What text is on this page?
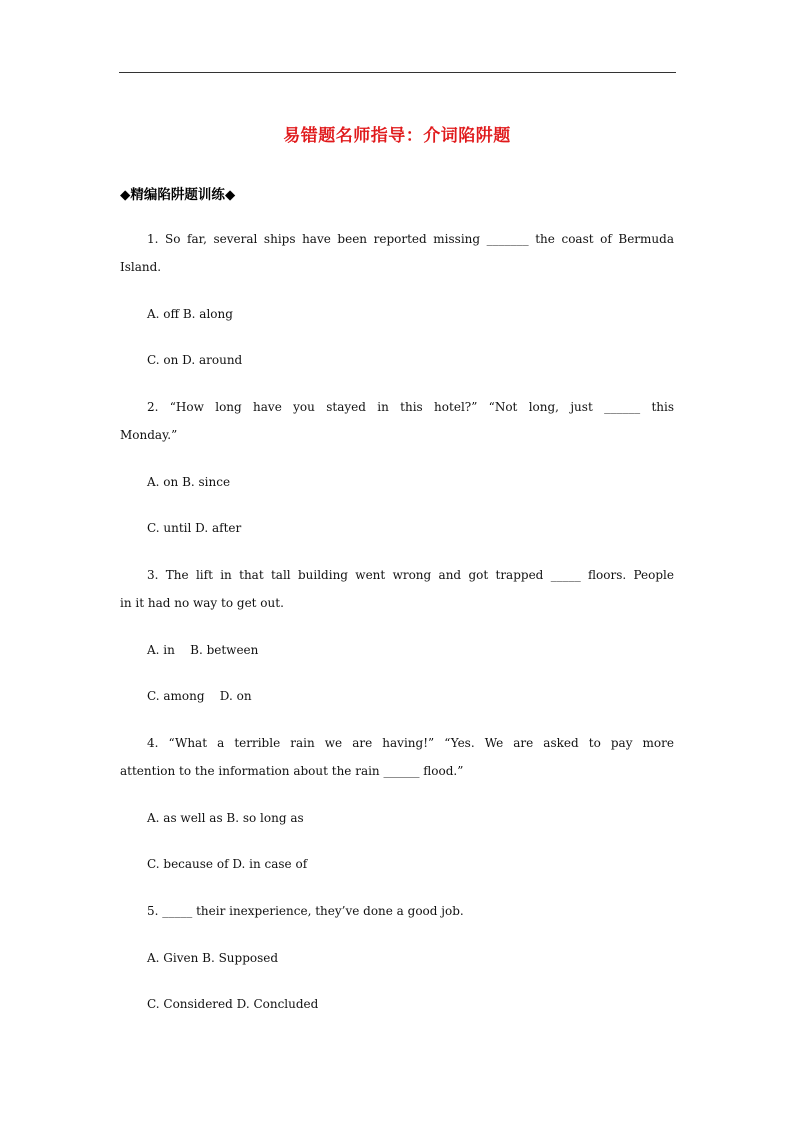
易错题名师指导：介词陷阱题
◆精编陷阱题训练◆
1. So far, several ships have been reported missing _______ the coast of Bermuda
Island.
A. off B. along
C. on D. around
2. “How long have you stayed in this hotel?” “Not long, just ______ this
Monday.”
A. on B. since
C. until D. after
3. The lift in that tall building went wrong and got trapped _____ floors. People
in it had no way to get out.
A. in    B. between
C. among    D. on
4. “What a terrible rain we are having!” “Yes. We are asked to pay more
attention to the information about the rain ______ flood.”
A. as well as B. so long as
C. because of D. in case of
5. _____ their inexperience, they’ve done a good job.
A. Given B. Supposed
C. Considered D. Concluded
